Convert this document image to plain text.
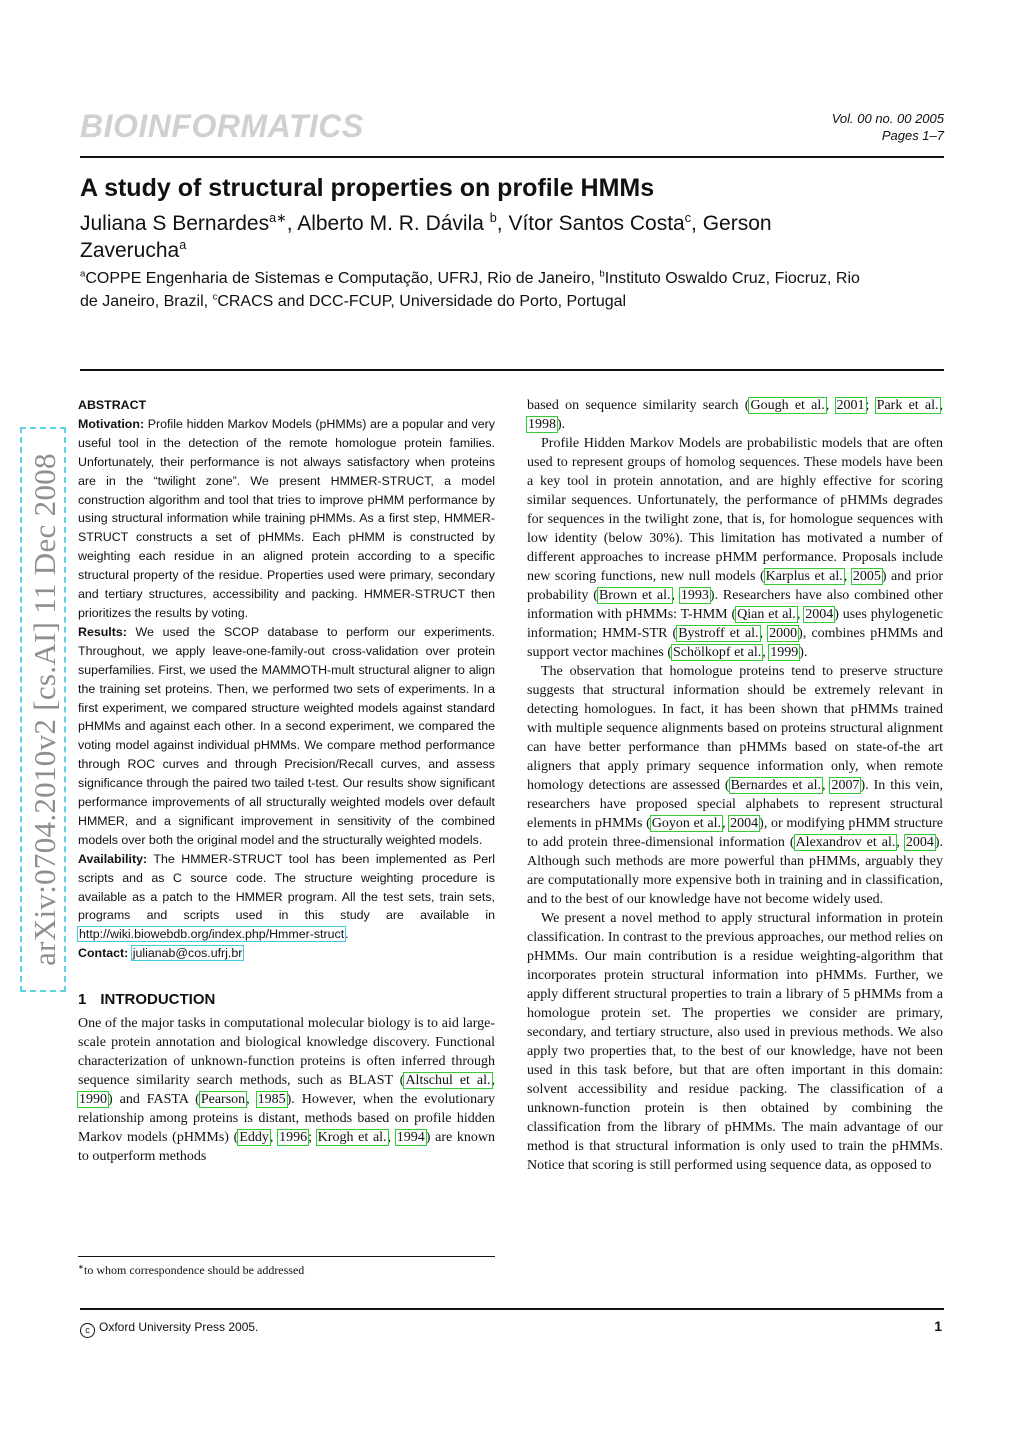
BIOINFORMATICS	Vol. 00 no. 00 2005
Pages 1–7
A study of structural properties on profile HMMs
Juliana S Bernardes$^{a∗}$, Alberto M. R. Dávila $^b$, Vítor Santos Costa$^c$, Gerson Zaverucha$^a$
$^a$COPPE Engenharia de Sistemas e Computação, UFRJ, Rio de Janeiro, $^b$Instituto Oswaldo Cruz, Fiocruz, Rio de Janeiro, Brazil, $^c$CRACS and DCC-FCUP, Universidade do Porto, Portugal
arXiv:0704.2010v2 [cs.AI] 11 Dec 2008

ABSTRACT

Motivation: Profile hidden Markov Models (pHMMs) are a popular and very useful tool in the detection of the remote homologue protein families. Unfortunately, their performance is not always satisfactory when proteins are in the “twilight zone”. We present HMMER-STRUCT, a model construction algorithm and tool that tries to improve pHMM performance by using structural information while training pHMMs. As a first step, HMMER-STRUCT constructs a set of pHMMs. Each pHMM is constructed by weighting each residue in an aligned protein according to a specific structural property of the residue. Properties used were primary, secondary and tertiary structures, accessibility and packing. HMMER-STRUCT then prioritizes the results by voting.

Results: We used the SCOP database to perform our experiments. Throughout, we apply leave-one-family-out cross-validation over protein superfamilies. First, we used the MAMMOTH-mult structural aligner to align the training set proteins. Then, we performed two sets of experiments. In a first experiment, we compared structure weighted models against standard pHMMs and against each other. In a second experiment, we compared the voting model against individual pHMMs. We compare method performance through ROC curves and through Precision/Recall curves, and assess significance through the paired two tailed t-test. Our results show significant performance improvements of all structurally weighted models over default HMMER, and a significant improvement in sensitivity of the combined models over both the original model and the structurally weighted models.

Availability: The HMMER-STRUCT tool has been implemented as Perl scripts and as C source code. The structure weighting procedure is available as a patch to the HMMER program. All the test sets, train sets, programs and scripts used in this study are available in http://wiki.biowebdb.org/index.php/Hmmer-struct.

Contact: julianab@cos.ufrj.br

1 INTRODUCTION

One of the major tasks in computational molecular biology is to aid large-scale protein annotation and biological knowledge discovery. Functional characterization of unknown-function proteins is often inferred through sequence similarity search methods, such as BLAST (Altschul et al., 1990) and FASTA (Pearson, 1985). However, when the evolutionary relationship among proteins is distant, methods based on profile hidden Markov models (pHMMs) (Eddy, 1996; Krogh et al., 1994) are known to outperform methods

∗to whom correspondence should be addressed

based on sequence similarity search (Gough et al., 2001; Park et al., 1998).

Profile Hidden Markov Models are probabilistic models that are often used to represent groups of homolog sequences. These models have been a key tool in protein annotation, and are highly effective for scoring similar sequences. Unfortunately, the performance of pHMMs degrades for sequences in the twilight zone, that is, for homologue sequences with low identity (below 30%). This limitation has motivated a number of different approaches to increase pHMM performance. Proposals include new scoring functions, new null models (Karplus et al., 2005) and prior probability (Brown et al., 1993). Researchers have also combined other information with pHMMs: T-HMM (Qian et al., 2004) uses phylogenetic information; HMM-STR (Bystroff et al., 2000), combines pHMMs and support vector machines (Schölkopf et al., 1999).

The observation that homologue proteins tend to preserve structure suggests that structural information should be extremely relevant in detecting homologues. In fact, it has been shown that pHMMs trained with multiple sequence alignments based on proteins structural alignment can have better performance than pHMMs based on state-of-the art aligners that apply primary sequence information only, when remote homology detections are assessed (Bernardes et al., 2007). In this vein, researchers have proposed special alphabets to represent structural elements in pHMMs (Goyon et al., 2004), or modifying pHMM structure to add protein three-dimensional information (Alexandrov et al., 2004). Although such methods are more powerful than pHMMs, arguably they are computationally more expensive both in training and in classification, and to the best of our knowledge have not become widely used.

We present a novel method to apply structural information in protein classification. In contrast to the previous approaches, our method relies on pHMMs. Our main contribution is a residue weighting-algorithm that incorporates protein structural information into pHMMs. Further, we apply different structural properties to train a library of 5 pHMMs from a homologue protein set. The properties we consider are primary, secondary, and tertiary structure, also used in previous methods. We also apply two properties that, to the best of our knowledge, have not been used in this task before, but that are often important in this domain: solvent accessibility and residue packing. The classification of a unknown-function protein is then obtained by combining the classification from the library of pHMMs. The main advantage of our method is that structural information is only used to train the pHMMs. Notice that scoring is still performed using sequence data, as opposed to

c Oxford University Press 2005.	1
